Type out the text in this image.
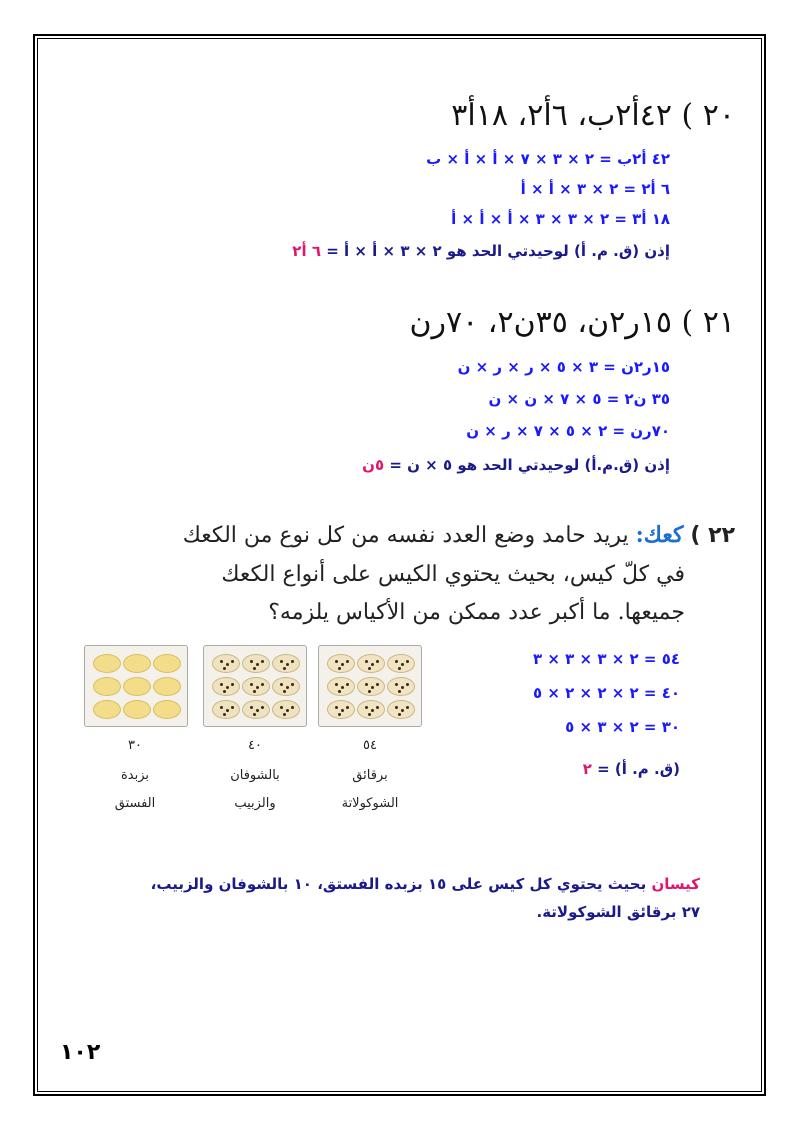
٢٠ ) ٤٢أ٢ب، ٦أ٢، ١٨أ٣
٤٢ أ٢ب = ٢ × ٣ × ٧ × أ × أ × ب
٦ أ٢ = ٢ × ٣ × أ × أ
١٨ أ٣ = ٢ × ٣ × ٣ × أ × أ × أ
إذن (ق. م. أ) لوحيدتي الحد هو ٢ × ٣ × أ × أ = ٦ أ٢
٢١ ) ١٥ر٢ن، ٣٥ن٢، ٧٠رن
١٥ر٢ن = ٣ × ٥ × ر × ر × ن
٣٥ ن٢ = ٥ × ٧ × ن × ن
٧٠رن = ٢ × ٥ × ٧ × ر × ن
إذن (ق.م.أ) لوحيدتي الحد هو ٥ × ن = ٥ن
٢٢ ) كعك: يريد حامد وضع العدد نفسه من كل نوع من الكعك
في كلّ كيس، بحيث يحتوي الكيس على أنواع الكعك
جميعها. ما أكبر عدد ممكن من الأكياس يلزمه؟
٥٤ = ٢ × ٣ × ٣ × ٣
٤٠ = ٢ × ٢ × ٢ × ٥
٣٠ = ٢ × ٣ × ٥
(ق. م. أ) = ٢
٥٤
برقائق
الشوكولاتة
٤٠
بالشوفان
والزبيب
٣٠
بزبدة
الفستق
كيسان بحيث يحتوي كل كيس على ١٥ بزبده الفستق، ١٠ بالشوفان والزبيب،
٢٧ برقائق الشوكولاتة.
١٠٢
